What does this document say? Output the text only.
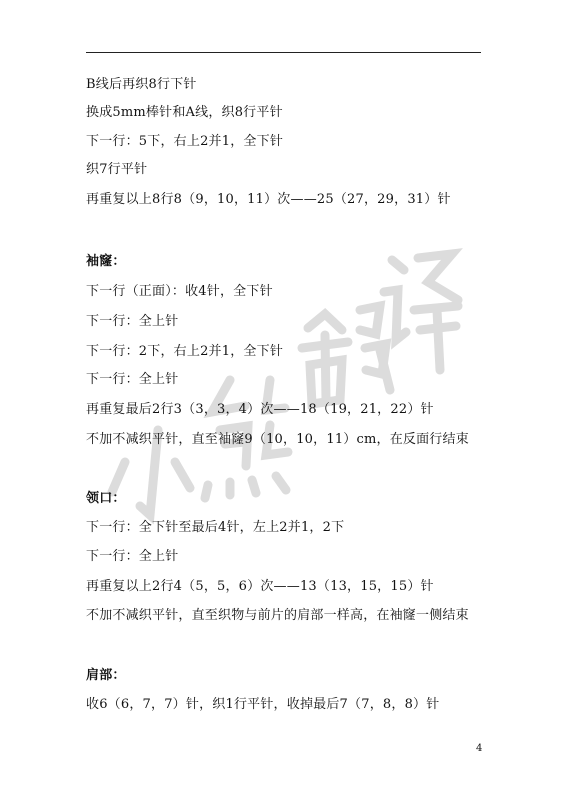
B线后再织8行下针
换成5mm棒针和A线，织8行平针
下一行：5下，右上2并1，全下针
织7行平针
再重复以上8行8（9，10，11）次——25（27，29，31）针
袖窿：
下一行（正面）：收4针，全下针
下一行：全上针
下一行：2下，右上2并1，全下针
下一行：全上针
再重复最后2行3（3，3，4）次——18（19，21，22）针
不加不减织平针，直至袖窿9（10，10，11）cm，在反面行结束
领口：
下一行：全下针至最后4针，左上2并1，2下
下一行：全上针
再重复以上2行4（5，5，6）次——13（13，15，15）针
不加不减织平针，直至织物与前片的肩部一样高，在袖窿一侧结束
肩部：
收6（6，7，7）针，织1行平针，收掉最后7（7，8，8）针
4
